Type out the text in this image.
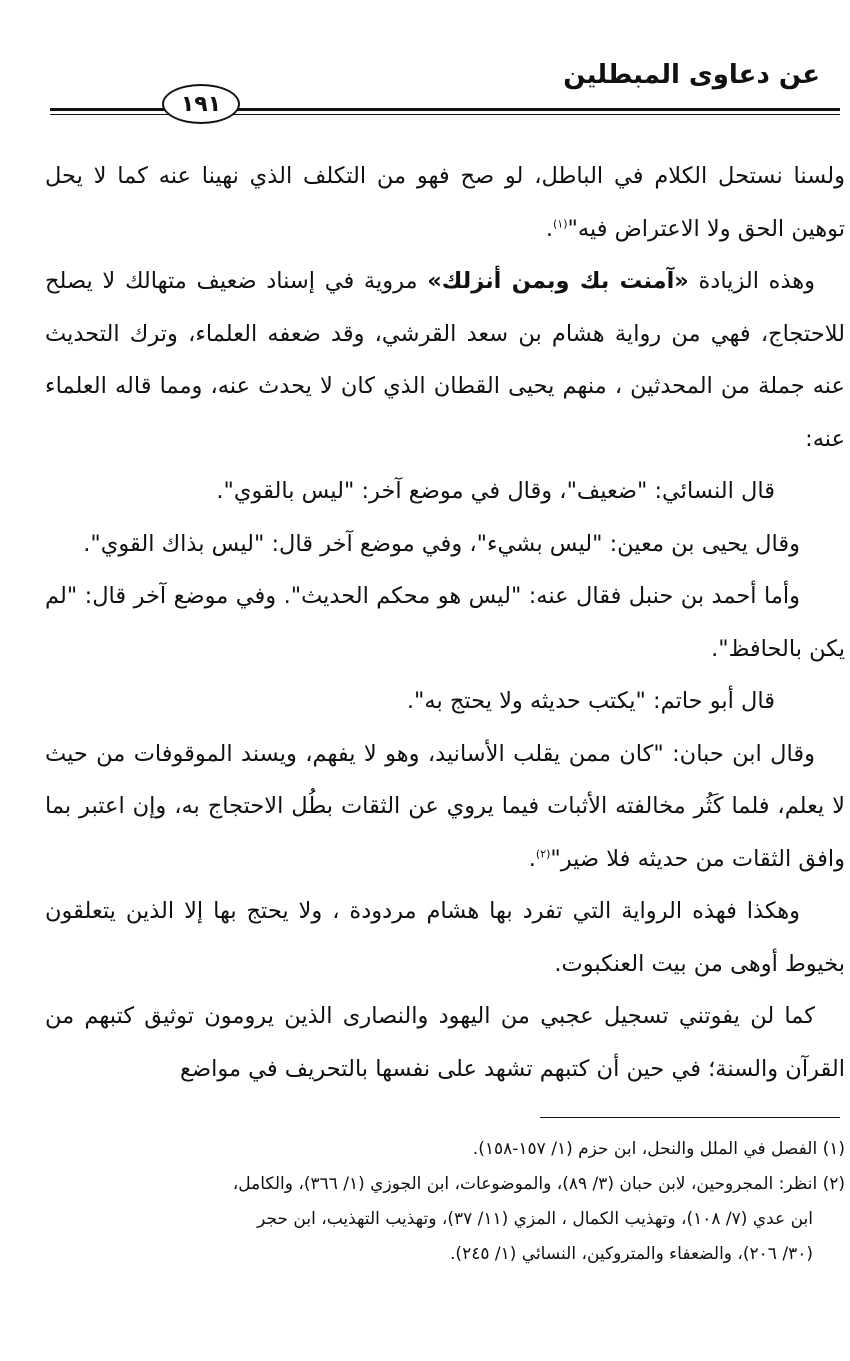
عن دعاوى المبطلين
١٩١

ولسنا نستحل الكلام في الباطل، لو صح فهو من التكلف الذي نهينا عنه كما لا يحل توهين الحق ولا الاعتراض فيه"$^{(١)}$.

وهذه الزيادة «آمنت بك وبمن أنزلك» مروية في إسناد ضعيف متهالك لا يصلح للاحتجاج، فهي من رواية هشام بن سعد القرشي، وقد ضعفه العلماء، وترك التحديث عنه جملة من المحدثين ، منهم يحيى القطان الذي كان لا يحدث عنه، ومما قاله العلماء عنه:

قال النسائي: "ضعيف"، وقال في موضع آخر: "ليس بالقوي".

وقال يحيى بن معين: "ليس بشيء"، وفي موضع آخر قال: "ليس بذاك القوي".

وأما أحمد بن حنبل فقال عنه: "ليس هو محكم الحديث". وفي موضع آخر قال: "لم يكن بالحافظ".

قال أبو حاتم: "يكتب حديثه ولا يحتج به".

وقال ابن حبان: "كان ممن يقلب الأسانيد، وهو لا يفهم، ويسند الموقوفات من حيث لا يعلم، فلما كَثُر مخالفته الأثبات فيما يروي عن الثقات بطُل الاحتجاج به، وإن اعتبر بما وافق الثقات من حديثه فلا ضير"$^{(٢)}$.

وهكذا فهذه الرواية التي تفرد بها هشام مردودة ، ولا يحتج بها إلا الذين يتعلقون بخيوط أوهى من بيت العنكبوت.

كما لن يفوتني تسجيل عجبي من اليهود والنصارى الذين يرومون توثيق كتبهم من القرآن والسنة؛ في حين أن كتبهم تشهد على نفسها بالتحريف في مواضع

(١) الفصل في الملل والنحل، ابن حزم (١/ ١٥٧-١٥٨).

(٢) انظر: المجروحين، لابن حبان (٣/ ٨٩)، والموضوعات، ابن الجوزي (١/ ٣٦٦)، والكامل،

ابن عدي (٧/ ١٠٨)، وتهذيب الكمال ، المزي (١١/ ٣٧)، وتهذيب التهذيب، ابن حجر

(٣٠/ ٢٠٦)، والضعفاء والمتروكين، النسائي (١/ ٢٤٥).
